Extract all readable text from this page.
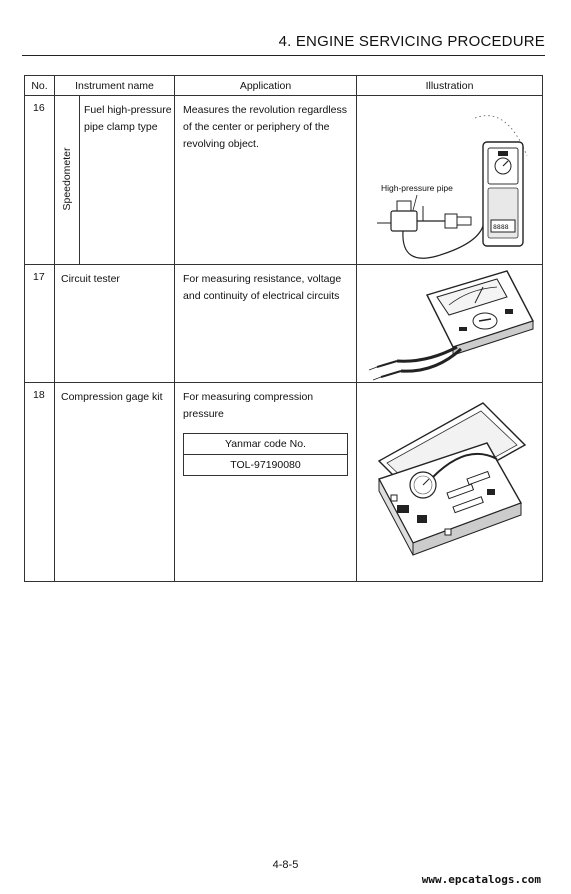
4. ENGINE SERVICING PROCEDURE
No.	Instrument name		Application	Illustration
16	Speedometer	Fuel high-pressure pipe clamp type	Measures the revolution regardless of the center or periphery of the revolving object.	8888
High-pressure pipe

17	Circuit tester		For measuring resistance, voltage and continuity of electrical circuits	

18	Compression gage kit		For measuring compression pressure
Yanmar code No.
TOL-97190080

4-8-5
www.epcatalogs.com
